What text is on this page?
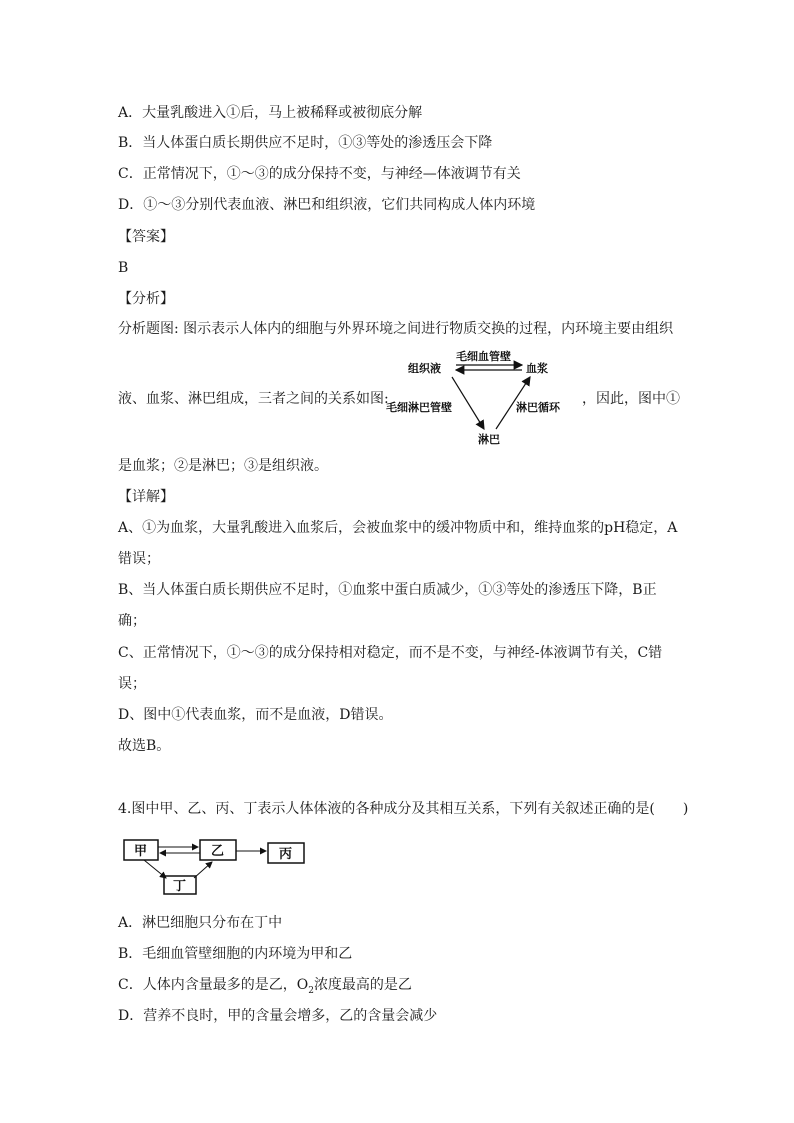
A．大量乳酸进入①后，马上被稀释或被彻底分解
B．当人体蛋白质长期供应不足时，①③等处的渗透压会下降
C．正常情况下，①～③的成分保持不变，与神经—体液调节有关
D．①～③分别代表血液、淋巴和组织液，它们共同构成人体内环境
【答案】
B
【分析】
分析题图: 图示表示人体内的细胞与外界环境之间进行物质交换的过程，内环境主要由组织
液、血浆、淋巴组成，三者之间的关系如图:	，因此，图中①
组织液	血浆
淋巴
毛细血管壁
毛细淋巴管壁	淋巴循环
是血浆；②是淋巴；③是组织液。
【详解】
A、①为血浆，大量乳酸进入血浆后，会被血浆中的缓冲物质中和，维持血浆的pH稳定，A
错误；
B、当人体蛋白质长期供应不足时，①血浆中蛋白质减少，①③等处的渗透压下降，B正
确；
C、正常情况下，①～③的成分保持相对稳定，而不是不变，与神经-体液调节有关，C错
误；
D、图中①代表血浆，而不是血液，D错误。
故选B。
4.图中甲、乙、丙、丁表示人体体液的各种成分及其相互关系，下列有关叙述正确的是(　　)
甲	乙	丙
丁
A．淋巴细胞只分布在丁中
B．毛细血管壁细胞的内环境为甲和乙
C．人体内含量最多的是乙，$O_2$浓度最高的是乙
D．营养不良时，甲的含量会增多，乙的含量会减少
